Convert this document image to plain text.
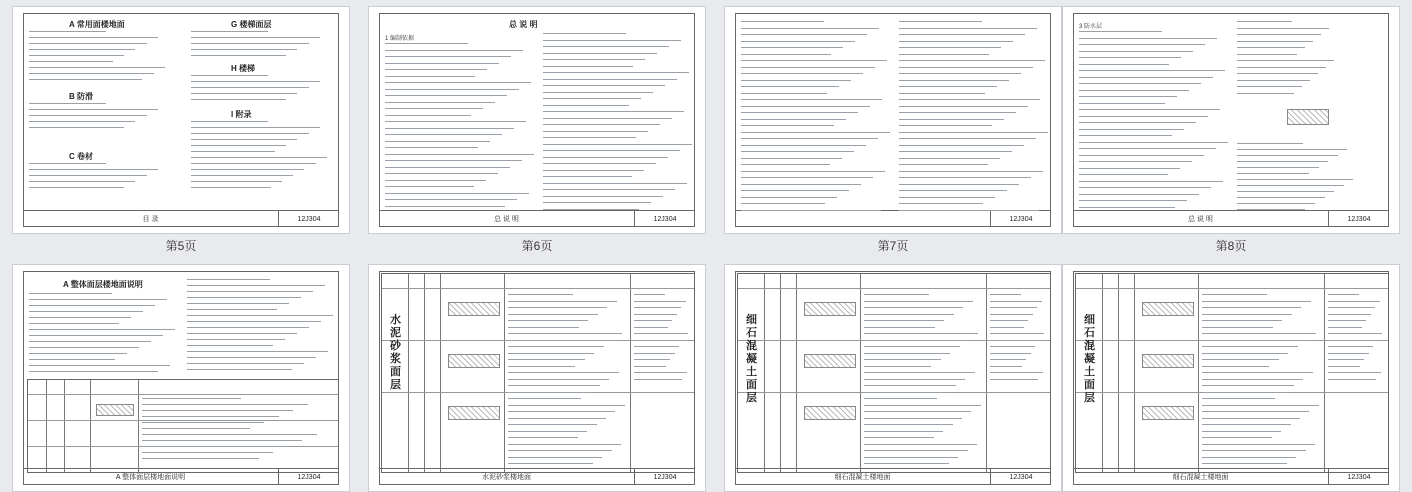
目 录	12J304
A 常用面楼地面
B 防滑
C 卷材
G 楼梯面层
H 楼梯
I 附录
第5页
总 说 明	12J304
总 说 明
1 编制依据
第6页
12J304
第7页
总 说 明	12J304
3 防水层
第8页
A 整体面层楼地面说明	12J304
A 整体面层楼地面说明
水泥砂浆楼地面	12J304
水泥砂浆面层
细石混凝土楼地面	12J304
细石混凝土面层
细石混凝土楼地面	12J304
细石混凝土面层
